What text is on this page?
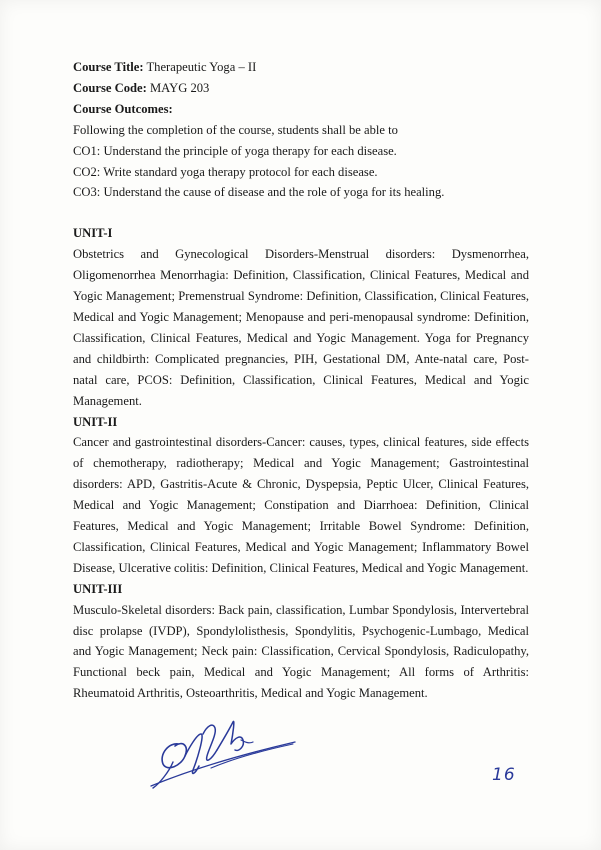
Course Title: Therapeutic Yoga – II

Course Code: MAYG 203

Course Outcomes:

Following the completion of the course, students shall be able to

CO1: Understand the principle of yoga therapy for each disease.

CO2: Write standard yoga therapy protocol for each disease.

CO3: Understand the cause of disease and the role of yoga for its healing.

UNIT-I

Obstetrics and Gynecological Disorders-Menstrual disorders: Dysmenorrhea, Oligomenorrhea Menorrhagia: Definition, Classification, Clinical Features, Medical and Yogic Management; Premenstrual Syndrome: Definition, Classification, Clinical Features, Medical and Yogic Management; Menopause and peri-menopausal syndrome: Definition, Classification, Clinical Features, Medical and Yogic Management. Yoga for Pregnancy and childbirth: Complicated pregnancies, PIH, Gestational DM, Ante-natal care, Post-natal care, PCOS: Definition, Classification, Clinical Features, Medical and Yogic Management.

UNIT-II

Cancer and gastrointestinal disorders-Cancer: causes, types, clinical features, side effects of chemotherapy, radiotherapy; Medical and Yogic Management; Gastrointestinal disorders: APD, Gastritis-Acute & Chronic, Dyspepsia, Peptic Ulcer, Clinical Features, Medical and Yogic Management; Constipation and Diarrhoea: Definition, Clinical Features, Medical and Yogic Management; Irritable Bowel Syndrome: Definition, Classification, Clinical Features, Medical and Yogic Management; Inflammatory Bowel Disease, Ulcerative colitis: Definition, Clinical Features, Medical and Yogic Management.

UNIT-III

Musculo-Skeletal disorders: Back pain, classification, Lumbar Spondylosis, Intervertebral disc prolapse (IVDP), Spondylolisthesis, Spondylitis, Psychogenic-Lumbago, Medical and Yogic Management; Neck pain: Classification, Cervical Spondylosis, Radiculopathy, Functional beck pain, Medical and Yogic Management; All forms of Arthritis: Rheumatoid Arthritis, Osteoarthritis, Medical and Yogic Management.

16
